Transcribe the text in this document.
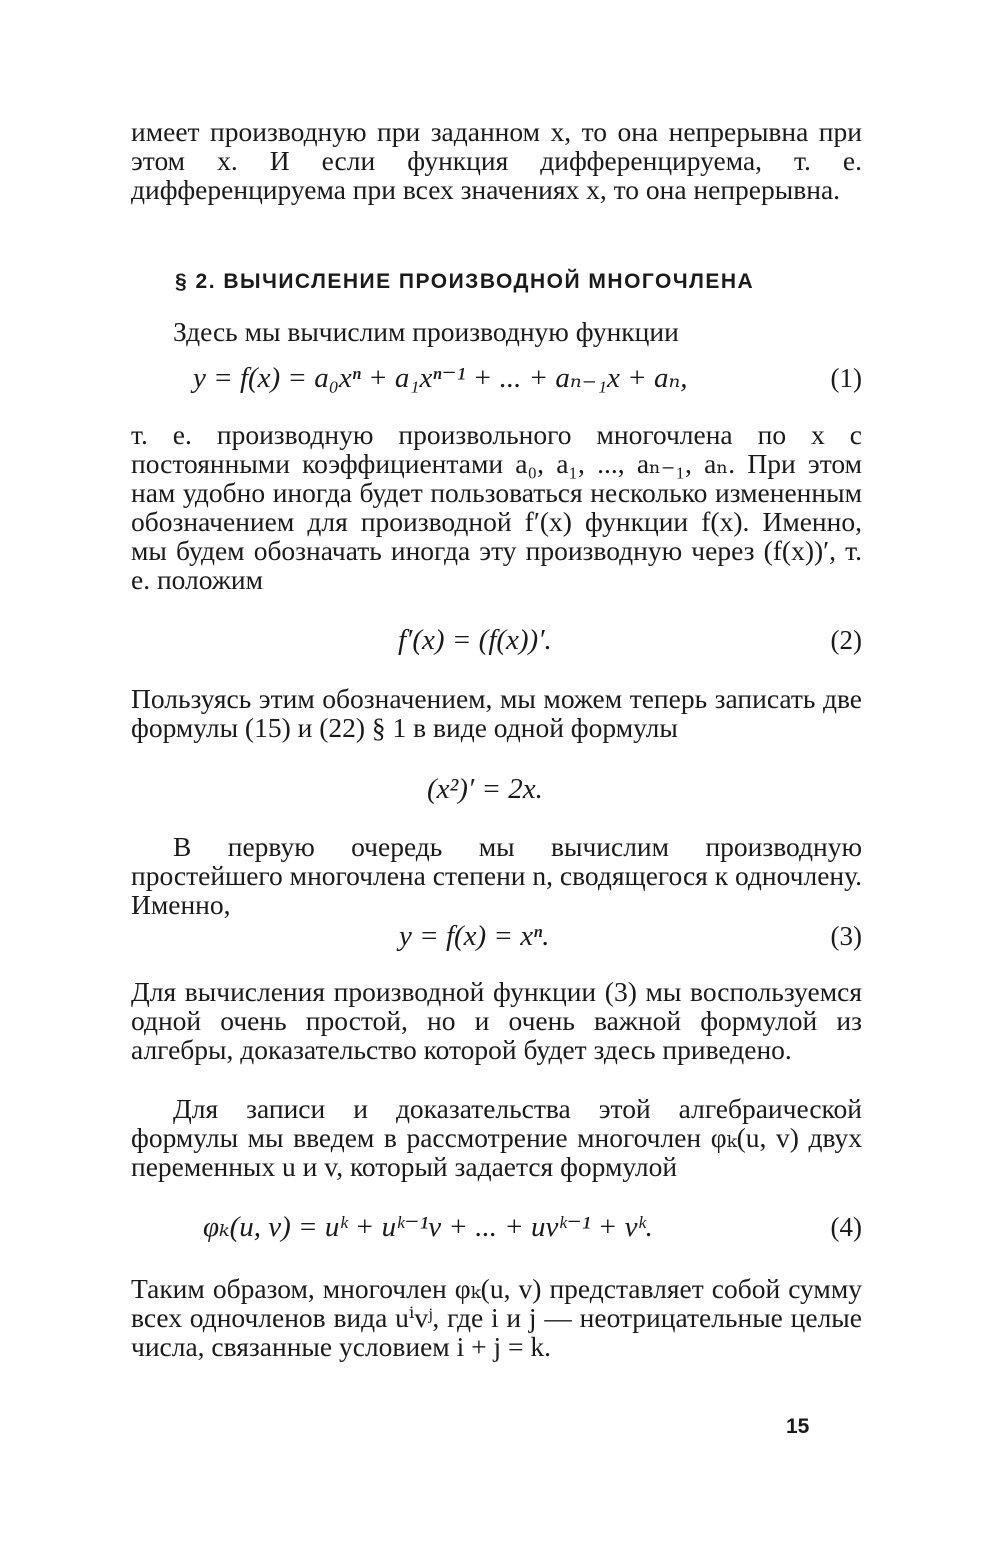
имеет производную при заданном x, то она непрерывна при этом x. И если функция дифференцируема, т. е. дифференцируема при всех значениях x, то она непрерывна.

§ 2. ВЫЧИСЛЕНИЕ ПРОИЗВОДНОЙ МНОГОЧЛЕНА

Здесь мы вычислим производную функции

y = f(x) = a₀xⁿ + a₁xⁿ⁻¹ + ... + aₙ₋₁x + aₙ,	(1)

т. е. производную произвольного многочлена по x с постоянными коэффициентами a₀, a₁, ..., aₙ₋₁, aₙ. При этом нам удобно иногда будет пользоваться несколько измененным обозначением для производной f′(x) функции f(x). Именно, мы будем обозначать иногда эту производную через (f(x))′, т. е. положим

f′(x) = (f(x))′.	(2)

Пользуясь этим обозначением, мы можем теперь записать две формулы (15) и (22) § 1 в виде одной формулы

(x²)′ = 2x.

В первую очередь мы вычислим производную простейшего многочлена степени n, сводящегося к одночлену. Именно,

y = f(x) = xⁿ.	(3)

Для вычисления производной функции (3) мы воспользуемся одной очень простой, но и очень важной формулой из алгебры, доказательство которой будет здесь приведено.

Для записи и доказательства этой алгебраической формулы мы введем в рассмотрение многочлен φₖ(u, v) двух переменных u и v, который задается формулой

φₖ(u, v) = uᵏ + uᵏ⁻¹v + ... + uvᵏ⁻¹ + vᵏ.	(4)

Таким образом, многочлен φₖ(u, v) представляет собой сумму всех одночленов вида uⁱvʲ, где i и j — неотрицательные целые числа, связанные условием i + j = k.

15
